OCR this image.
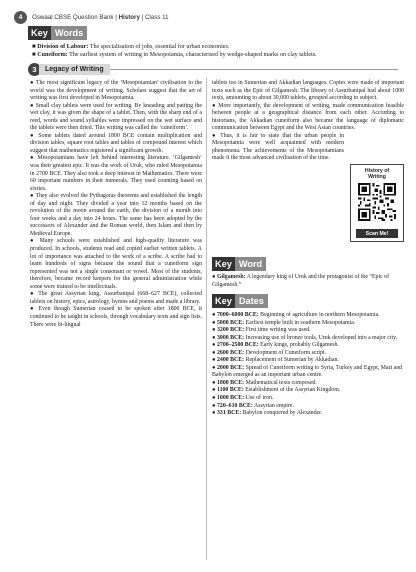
4	Oswaal CBSE Question Bank | History | Class 11
Key Words
■ Division of Labour: The specialisation of jobs, essential for urban economies.
■ Cuneiform: The earliest system of writing in Mesopotamia, characterised by wedge-shaped marks on clay tablets.
3	Legacy of Writing

● The most significant legacy of the ‘Mesopotamian’ civilisation to the world was the development of writing. Scholars suggest that the art of writing was first developed in Mesopotamia.

● Small clay tablets were used for writing. By kneading and patting the wet clay, it was given the shape of a tablet. Then, with the sharp end of a reed, words and sound syllables were impressed on the wet surface and the tablets were then dried. This writing was called the ‘cuneiform’.

● Some tablets dated around 1800 BCE contain multiplication and division tables, square root tables and tables of compound interest which suggest that mathematics registered a significant growth.

● Mesopotamians have left behind interesting literature. ‘Gilgamesh’ was their greatest epic. It was the work of Uruk, who ruled Mesopotamia in 2700 BCE. They also took a deep interest in Mathematics. There were 60 important numbers in their numerals. They used counting based on sixties.

● They also evolved the Pythagoras theorems and established the length of day and night. They divided a year into 12 months based on the revolution of the moon around the earth, the division of a month into four weeks and a day into 24 hours. The same has been adopted by the successors of Alexander and the Roman world, then Islam and then by Medieval Europe.

● Many schools were established and high-quality literature was produced. In schools, students read and copied earlier written tablets. A lot of importance was attached to the work of a scribe. A scribe had to learn hundreds of signs because the sound that a cuneiform sign represented was not a single consonant or vowel. Most of the students, therefore, became record keepers for the general administration while some were trained to be intellectuals.

● The great Assyrian king, Assurbanipal (668–627 BCE), collected tablets on history, epics, astrology, hymns and poems and made a library.

● Even though Sumerian ceased to be spoken after 1800 BCE, it continued to be taught in schools, through vocabulary texts and sign lists. There were bi-lingual

tablets too in Sumerian and Akkadian languages. Copies were made of important texts such as the Epic of Gilgamesh. The library of Assurbanipal had about 1000 texts, amounting to about 30,000 tablets, grouped according to subject.

● More importantly, the development of writing, made communication feasible between people at a geographical distance from each other. According to historians, the Akkadian cuneiform also became the language of diplomatic communication between Egypt and the West Asian countries.

● Thus, it is fair to state that the urban people in Mesopotamia were well acquainted with modern phenomena. The achievements of the Mesopotamians made it the most advanced civilisation of the time.

History of
Writing
Scan Me!
Key Word
● Gilgamesh: A legendary king of Uruk and the protagonist of the “Epic of Gilgamesh.”
Key Dates

● 7000–6000 BCE: Beginning of agriculture in northern Mesopotamia.

● 5000 BCE: Earliest temple built in southern Mesopotamia.

● 3200 BCE: First time writing was used.

● 3000 BCE: Increasing use of bronze tools, Uruk developed into a major city.

● 2700–2500 BCE: Early kings, probably Gilgamesh.

● 2600 BCE: Development of Cuneiform script.

● 2400 BCE: Replacement of Sumerian by Akkadian.

● 2000 BCE: Spread of Cuneiform writing to Syria, Turkey and Egypt, Mari and Babylon emerged as an important urban centre.

● 1800 BCE: Mathematical texts composed.

● 1100 BCE: Establishment of the Assyrian Kingdom.

● 1000 BCE: Use of iron.

● 720–610 BCE: Assyrian empire.

● 331 BCE: Babylon conquered by Alexander.
